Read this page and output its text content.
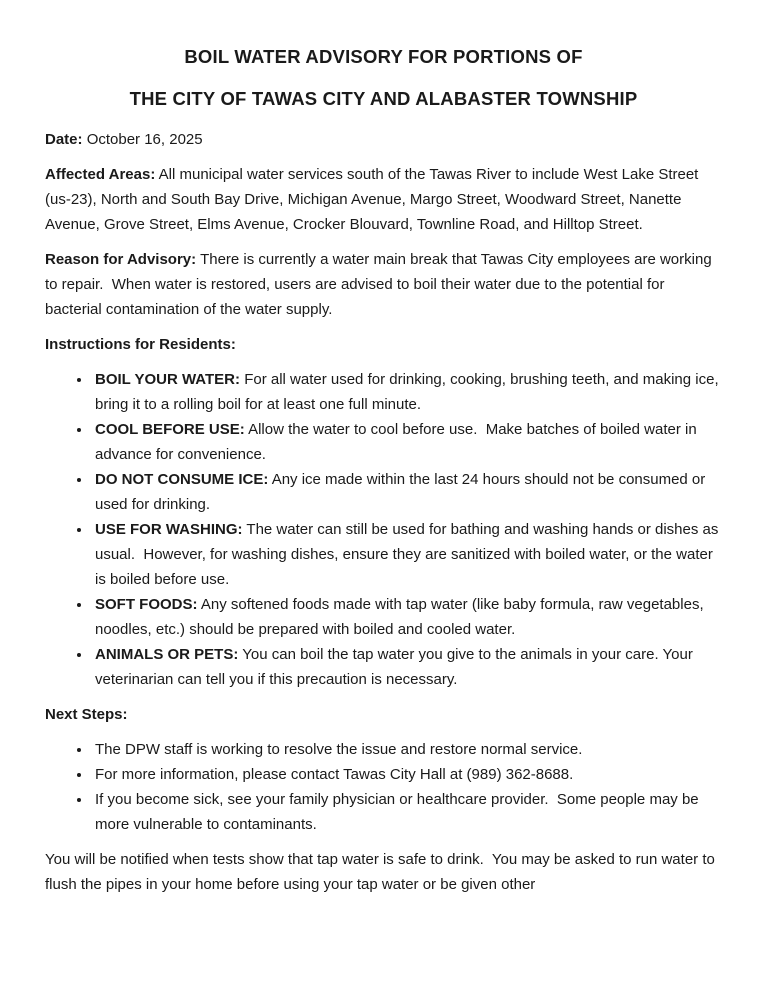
BOIL WATER ADVISORY FOR PORTIONS OF

THE CITY OF TAWAS CITY AND ALABASTER TOWNSHIP

Date: October 16, 2025

Affected Areas: All municipal water services south of the Tawas River to include West Lake Street (us-23), North and South Bay Drive, Michigan Avenue, Margo Street, Woodward Street, Nanette Avenue, Grove Street, Elms Avenue, Crocker Blouvard, Townline Road, and Hilltop Street.

Reason for Advisory: There is currently a water main break that Tawas City employees are working to repair.  When water is restored, users are advised to boil their water due to the potential for bacterial contamination of the water supply.

Instructions for Residents:

• BOIL YOUR WATER: For all water used for drinking, cooking, brushing teeth, and making ice, bring it to a rolling boil for at least one full minute.
• COOL BEFORE USE: Allow the water to cool before use.  Make batches of boiled water in advance for convenience.
• DO NOT CONSUME ICE: Any ice made within the last 24 hours should not be consumed or used for drinking.
• USE FOR WASHING: The water can still be used for bathing and washing hands or dishes as usual.  However, for washing dishes, ensure they are sanitized with boiled water, or the water is boiled before use.
• SOFT FOODS: Any softened foods made with tap water (like baby formula, raw vegetables, noodles, etc.) should be prepared with boiled and cooled water.
• ANIMALS OR PETS: You can boil the tap water you give to the animals in your care. Your veterinarian can tell you if this precaution is necessary.

Next Steps:

• The DPW staff is working to resolve the issue and restore normal service.
• For more information, please contact Tawas City Hall at (989) 362-8688.
• If you become sick, see your family physician or healthcare provider.  Some people may be more vulnerable to contaminants.

You will be notified when tests show that tap water is safe to drink.  You may be asked to run water to flush the pipes in your home before using your tap water or be given other
